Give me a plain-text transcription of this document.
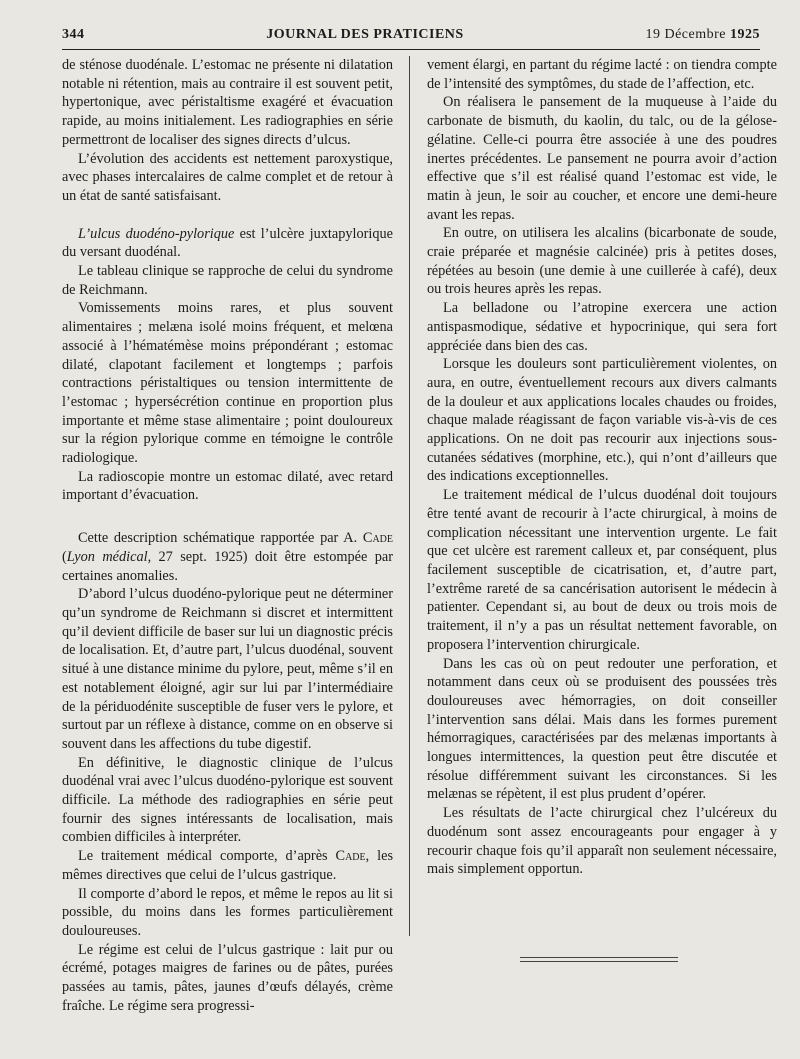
344	JOURNAL DES PRATICIENS	19 Décembre 1925

de sténose duodénale. L’estomac ne présente ni dilatation notable ni rétention, mais au contraire il est souvent petit, hypertonique, avec péristaltisme exagéré et évacuation rapide, au moins initialement. Les radiographies en série permettront de localiser des signes directs d’ulcus.

L’évolution des accidents est nettement paroxystique, avec phases intercalaires de calme complet et de retour à un état de santé satisfaisant.

L’ulcus duodéno-pylorique est l’ulcère juxtapylorique du versant duodénal.

Le tableau clinique se rapproche de celui du syndrome de Reichmann.

Vomissements moins rares, et plus souvent alimentaires ; melæna isolé moins fréquent, et melœna associé à l’hématémèse moins prépondérant ; estomac dilaté, clapotant facilement et longtemps ; parfois contractions péristaltiques ou tension intermittente de l’estomac ; hypersécrétion continue en proportion plus importante et même stase alimentaire ; point douloureux sur la région pylorique comme en témoigne le contrôle radiologique.

La radioscopie montre un estomac dilaté, avec retard important d’évacuation.

Cette description schématique rapportée par A. Cade (Lyon médical, 27 sept. 1925) doit être estompée par certaines anomalies.

D’abord l’ulcus duodéno-pylorique peut ne déterminer qu’un syndrome de Reichmann si discret et intermittent qu’il devient difficile de baser sur lui un diagnostic précis de localisation. Et, d’autre part, l’ulcus duodénal, souvent situé à une distance minime du pylore, peut, même s’il en est notablement éloigné, agir sur lui par l’intermédiaire de la périduodénite susceptible de fuser vers le pylore, et surtout par un réflexe à distance, comme on en observe si souvent dans les affections du tube digestif.

En définitive, le diagnostic clinique de l’ulcus duodénal vrai avec l’ulcus duodéno-pylorique est souvent difficile. La méthode des radiographies en série peut fournir des signes intéressants de localisation, mais combien difficiles à interpréter.

Le traitement médical comporte, d’après Cade, les mêmes directives que celui de l’ulcus gastrique.

Il comporte d’abord le repos, et même le repos au lit si possible, du moins dans les formes particulièrement douloureuses.

Le régime est celui de l’ulcus gastrique : lait pur ou écrémé, potages maigres de farines ou de pâtes, purées passées au tamis, pâtes, jaunes d’œufs délayés, crème fraîche. Le régime sera progressi-

vement élargi, en partant du régime lacté : on tiendra compte de l’intensité des symptômes, du stade de l’affection, etc.

On réalisera le pansement de la muqueuse à l’aide du carbonate de bismuth, du kaolin, du talc, ou de la gélose-gélatine. Celle-ci pourra être associée à une des poudres inertes précédentes. Le pansement ne pourra avoir d’action effective que s’il est réalisé quand l’estomac est vide, le matin à jeun, le soir au coucher, et encore une demi-heure avant les repas.

En outre, on utilisera les alcalins (bicarbonate de soude, craie préparée et magnésie calcinée) pris à petites doses, répétées au besoin (une demie à une cuillerée à café), deux ou trois heures après les repas.

La belladone ou l’atropine exercera une action antispasmodique, sédative et hypocrinique, qui sera fort appréciée dans bien des cas.

Lorsque les douleurs sont particulièrement violentes, on aura, en outre, éventuellement recours aux divers calmants de la douleur et aux applications locales chaudes ou froides, chaque malade réagissant de façon variable vis-à-vis de ces applications. On ne doit pas recourir aux injections sous-cutanées sédatives (morphine, etc.), qui n’ont d’ailleurs que des indications exceptionnelles.

Le traitement médical de l’ulcus duodénal doit toujours être tenté avant de recourir à l’acte chirurgical, à moins de complication nécessitant une intervention urgente. Le fait que cet ulcère est rarement calleux et, par conséquent, plus facilement susceptible de cicatrisation, et, d’autre part, l’extrême rareté de sa cancérisation autorisent le médecin à patienter. Cependant si, au bout de deux ou trois mois de traitement, il n’y a pas un résultat nettement favorable, on proposera l’intervention chirurgicale.

Dans les cas où on peut redouter une perforation, et notamment dans ceux où se produisent des poussées très douloureuses avec hémorragies, on doit conseiller l’intervention sans délai. Mais dans les formes purement hémorragiques, caractérisées par des melænas importants à longues intermittences, la question peut être discutée et résolue différemment suivant les circonstances. Si les melænas se répètent, il est plus prudent d’opérer.

Les résultats de l’acte chirurgical chez l’ulcéreux du duodénum sont assez encourageants pour engager à y recourir chaque fois qu’il apparaît non seulement nécessaire, mais simplement opportun.
